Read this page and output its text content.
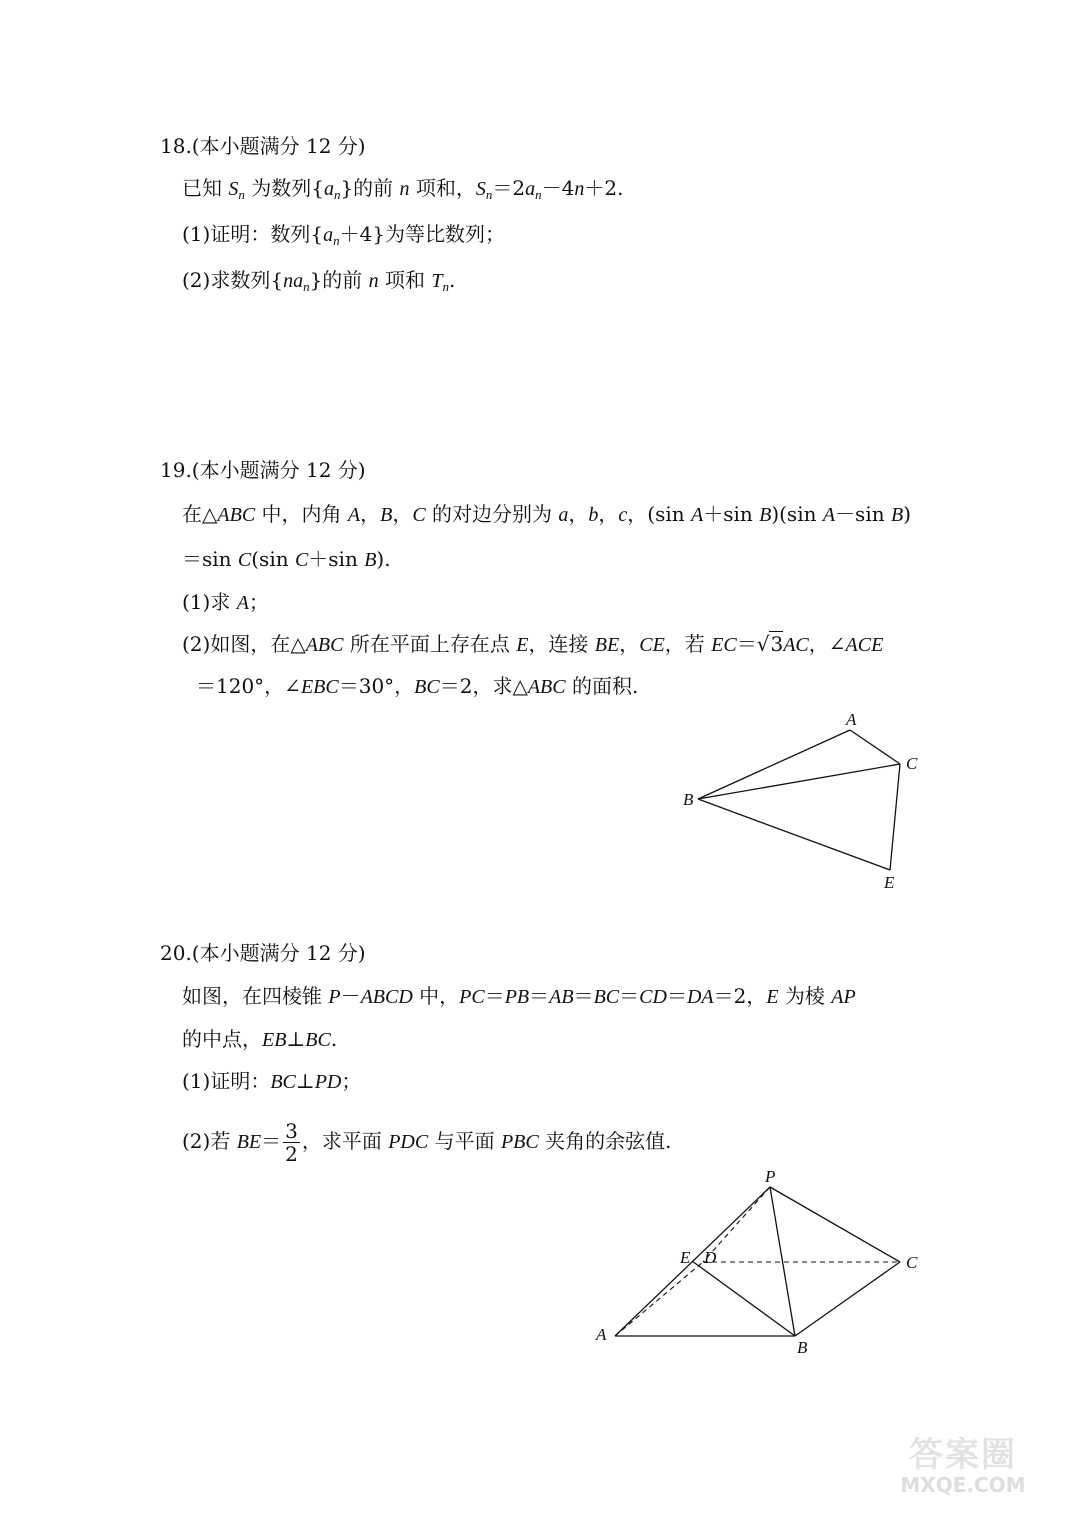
18.(本小题满分 12 分)
已知 $S_n$ 为数列$\{a_n\}$的前 n 项和，$S_n=2a_n-4n+2$.
(1)证明：数列$\{a_n+4\}$为等比数列；
(2)求数列$\{na_n\}$的前 n 项和 $T_n$.
19.(本小题满分 12 分)
在△ABC 中，内角 A，B，C 的对边分别为 a，b，c，(sin A＋sin B)(sin A－sin B)
＝sin C(sin C＋sin B).
(1)求 A；
(2)如图，在△ABC 所在平面上存在点 E，连接 BE，CE，若 EC＝√3AC，∠ACE
＝120°，∠EBC＝30°，BC＝2，求△ABC 的面积.
A
C
B
E
20.(本小题满分 12 分)
如图，在四棱锥 P－ABCD 中，PC＝PB＝AB＝BC＝CD＝DA＝2，E 为棱 AP
的中点，EB⊥BC.
(1)证明：BC⊥PD；
(2)若 $BE= \frac{3}{2}$ ，求平面 PDC 与平面 PBC 夹角的余弦值.
P
E D	C
A
B
答案圈
MXQE.COM
